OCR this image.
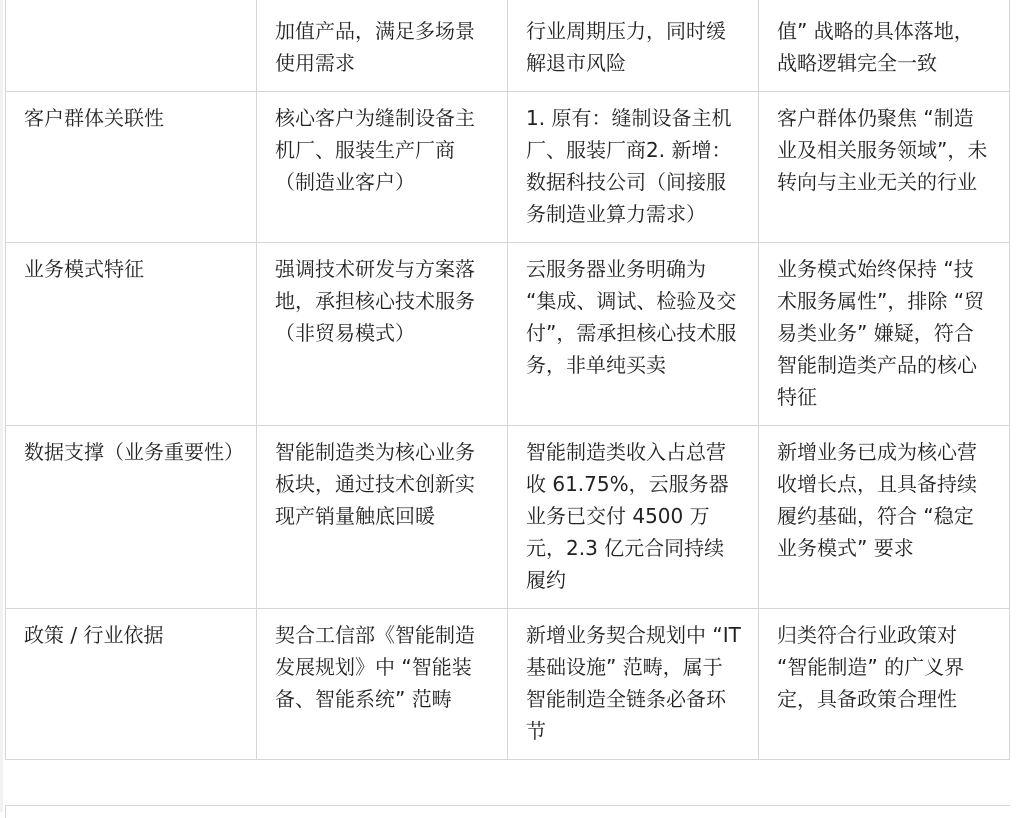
	加值产品，满足多场景使用需求	行业周期压力，同时缓解退市风险	值” 战略的具体落地，战略逻辑完全一致
客户群体关联性	核心客户为缝制设备主机厂、服装生产厂商（制造业客户）	1. 原有：缝制设备主机厂、服装厂商2. 新增：数据科技公司（间接服务制造业算力需求）	客户群体仍聚焦 “制造业及相关服务领域”，未转向与主业无关的行业
业务模式特征	强调技术研发与方案落地，承担核心技术服务（非贸易模式）	云服务器业务明确为 “集成、调试、检验及交付”，需承担核心技术服务，非单纯买卖	业务模式始终保持 “技术服务属性”，排除 “贸易类业务” 嫌疑，符合智能制造类产品的核心特征
数据支撑（业务重要性）	智能制造类为核心业务板块，通过技术创新实现产销量触底回暖	智能制造类收入占总营收 61.75%，云服务器业务已交付 4500 万元，2.3 亿元合同持续履约	新增业务已成为核心营收增长点，且具备持续履约基础，符合 “稳定业务模式” 要求
政策 / 行业依据	契合工信部《智能制造发展规划》中 “智能装备、智能系统” 范畴	新增业务契合规划中 “IT 基础设施” 范畴，属于智能制造全链条必备环节	归类符合行业政策对 “智能制造” 的广义界定，具备政策合理性
